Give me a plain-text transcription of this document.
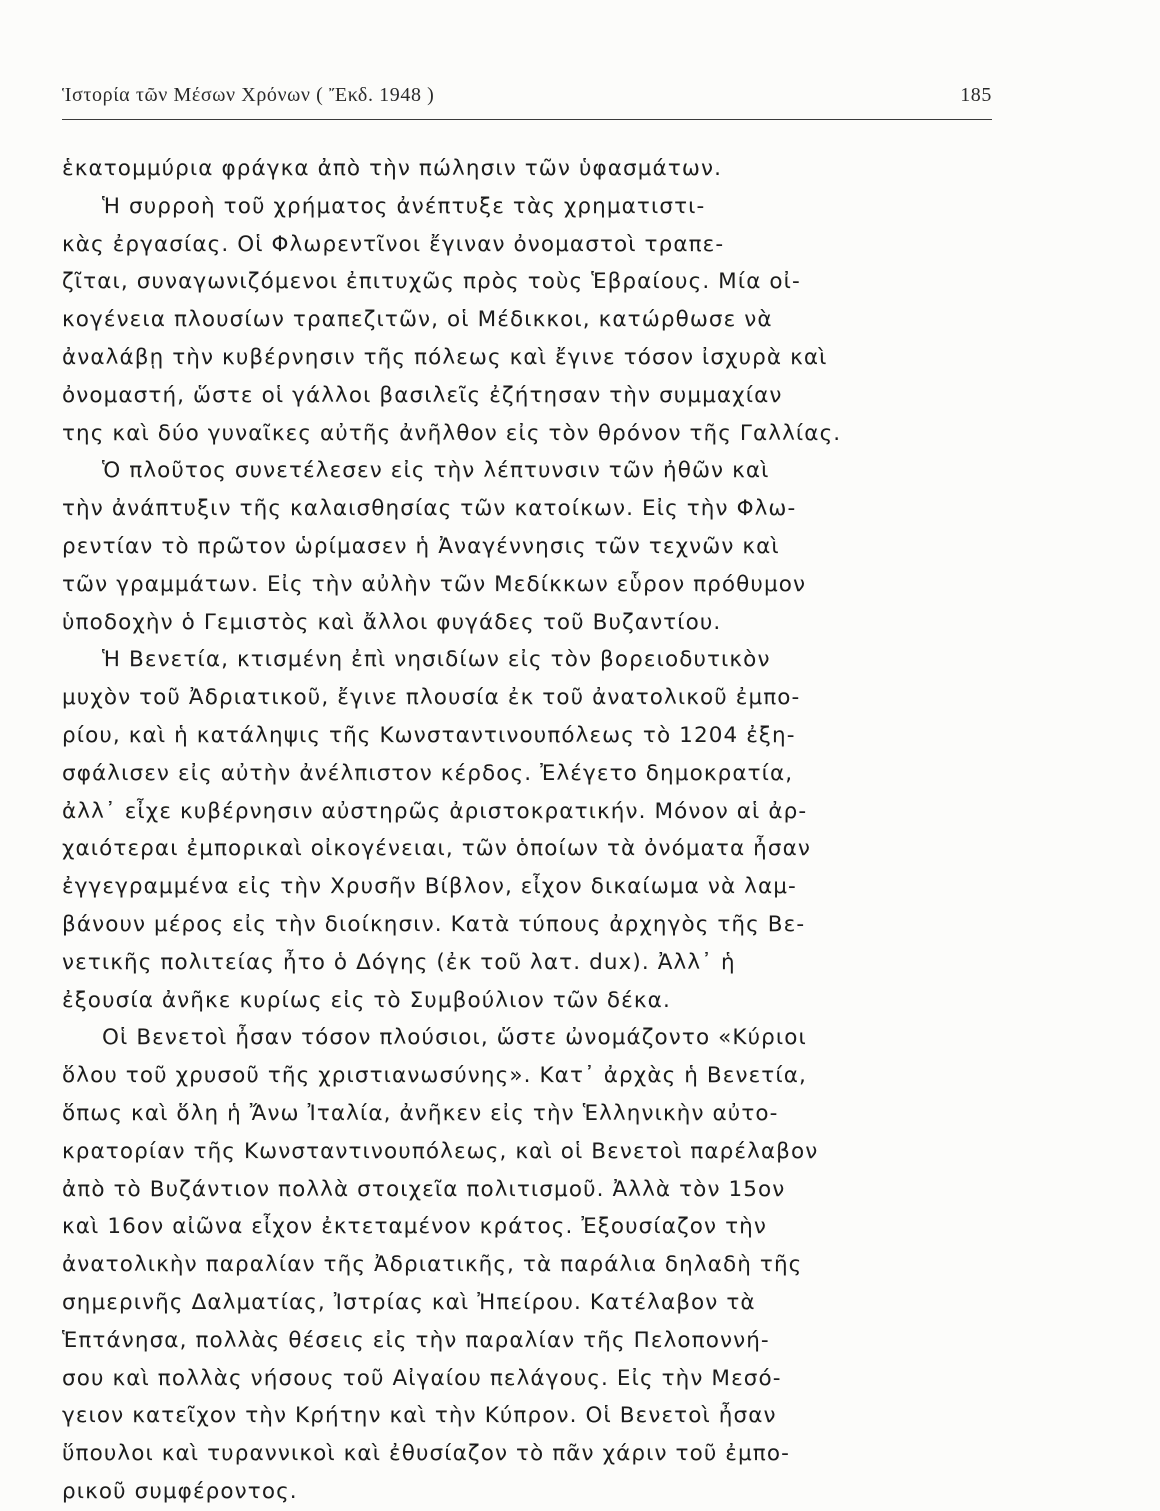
Ἱστορία τῶν Μέσων Χρόνων ( Ἔκδ. 1948 )	185
ἑκατομμύρια φράγκα ἀπὸ τὴν πώλησιν τῶν ὑφασμάτων.
Ἡ συρροὴ τοῦ χρήματος ἀνέπτυξε τὰς χρηματιστι-
κὰς ἐργασίας. Οἱ Φλωρεντῖνοι ἔγιναν ὀνομαστοὶ τραπε-
ζῖται, συναγωνιζόμενοι ἐπιτυχῶς πρὸς τοὺς Ἑβραίους. Μία οἰ-
κογένεια πλουσίων τραπεζιτῶν, οἱ Μέδικκοι, κατώρθωσε νὰ
ἀναλάβῃ τὴν κυβέρνησιν τῆς πόλεως καὶ ἔγινε τόσον ἰσχυρὰ καὶ
ὀνομαστή, ὥστε οἱ γάλλοι βασιλεῖς ἐζήτησαν τὴν συμμαχίαν
της καὶ δύο γυναῖκες αὐτῆς ἀνῆλθον εἰς τὸν θρόνον τῆς Γαλλίας.
Ὁ πλοῦτος συνετέλεσεν εἰς τὴν λέπτυνσιν τῶν ἠθῶν καὶ
τὴν ἀνάπτυξιν τῆς καλαισθησίας τῶν κατοίκων. Εἰς τὴν Φλω-
ρεντίαν τὸ πρῶτον ὡρίμασεν ἡ Ἀναγέννησις τῶν τεχνῶν καὶ
τῶν γραμμάτων. Εἰς τὴν αὐλὴν τῶν Μεδίκκων εὗρον πρόθυμον
ὑποδοχὴν ὁ Γεμιστὸς καὶ ἄλλοι φυγάδες τοῦ Βυζαντίου.
Ἡ Βενετία, κτισμένη ἐπὶ νησιδίων εἰς τὸν βορειοδυτικὸν
μυχὸν τοῦ Ἀδριατικοῦ, ἔγινε πλουσία ἐκ τοῦ ἀνατολικοῦ ἐμπο-
ρίου, καὶ ἡ κατάληψις τῆς Κωνσταντινουπόλεως τὸ 1204 ἐξη-
σφάλισεν εἰς αὐτὴν ἀνέλπιστον κέρδος. Ἐλέγετο δημοκρατία,
ἀλλ᾽ εἶχε κυβέρνησιν αὐστηρῶς ἀριστοκρατικήν. Μόνον αἱ ἀρ-
χαιότεραι ἐμπορικαὶ οἰκογένειαι, τῶν ὁποίων τὰ ὀνόματα ἦσαν
ἐγγεγραμμένα εἰς τὴν Χρυσῆν Βίβλον, εἶχον δικαίωμα νὰ λαμ-
βάνουν μέρος εἰς τὴν διοίκησιν. Κατὰ τύπους ἀρχηγὸς τῆς Βε-
νετικῆς πολιτείας ἦτο ὁ Δόγης (ἐκ τοῦ λατ. dux). Ἀλλ᾽ ἡ
ἐξουσία ἀνῆκε κυρίως εἰς τὸ Συμβούλιον τῶν δέκα.
Οἱ Βενετοὶ ἦσαν τόσον πλούσιοι, ὥστε ὠνομάζοντο «Κύριοι
ὅλου τοῦ χρυσοῦ τῆς χριστιανωσύνης». Κατ᾽ ἀρχὰς ἡ Βενετία,
ὅπως καὶ ὅλη ἡ Ἄνω Ἰταλία, ἀνῆκεν εἰς τὴν Ἑλληνικὴν αὐτο-
κρατορίαν τῆς Κωνσταντινουπόλεως, καὶ οἱ Βενετοὶ παρέλαβον
ἀπὸ τὸ Βυζάντιον πολλὰ στοιχεῖα πολιτισμοῦ. Ἀλλὰ τὸν 15ον
καὶ 16ον αἰῶνα εἶχον ἐκτεταμένον κράτος. Ἐξουσίαζον τὴν
ἀνατολικὴν παραλίαν τῆς Ἀδριατικῆς, τὰ παράλια δηλαδὴ τῆς
σημερινῆς Δαλματίας, Ἰστρίας καὶ Ἠπείρου. Κατέλαβον τὰ
Ἑπτάνησα, πολλὰς θέσεις εἰς τὴν παραλίαν τῆς Πελοποννή-
σου καὶ πολλὰς νήσους τοῦ Αἰγαίου πελάγους. Εἰς τὴν Μεσό-
γειον κατεῖχον τὴν Κρήτην καὶ τὴν Κύπρον. Οἱ Βενετοὶ ἦσαν
ὕπουλοι καὶ τυραννικοὶ καὶ ἐθυσίαζον τὸ πᾶν χάριν τοῦ ἐμπο-
ρικοῦ συμφέροντος.
